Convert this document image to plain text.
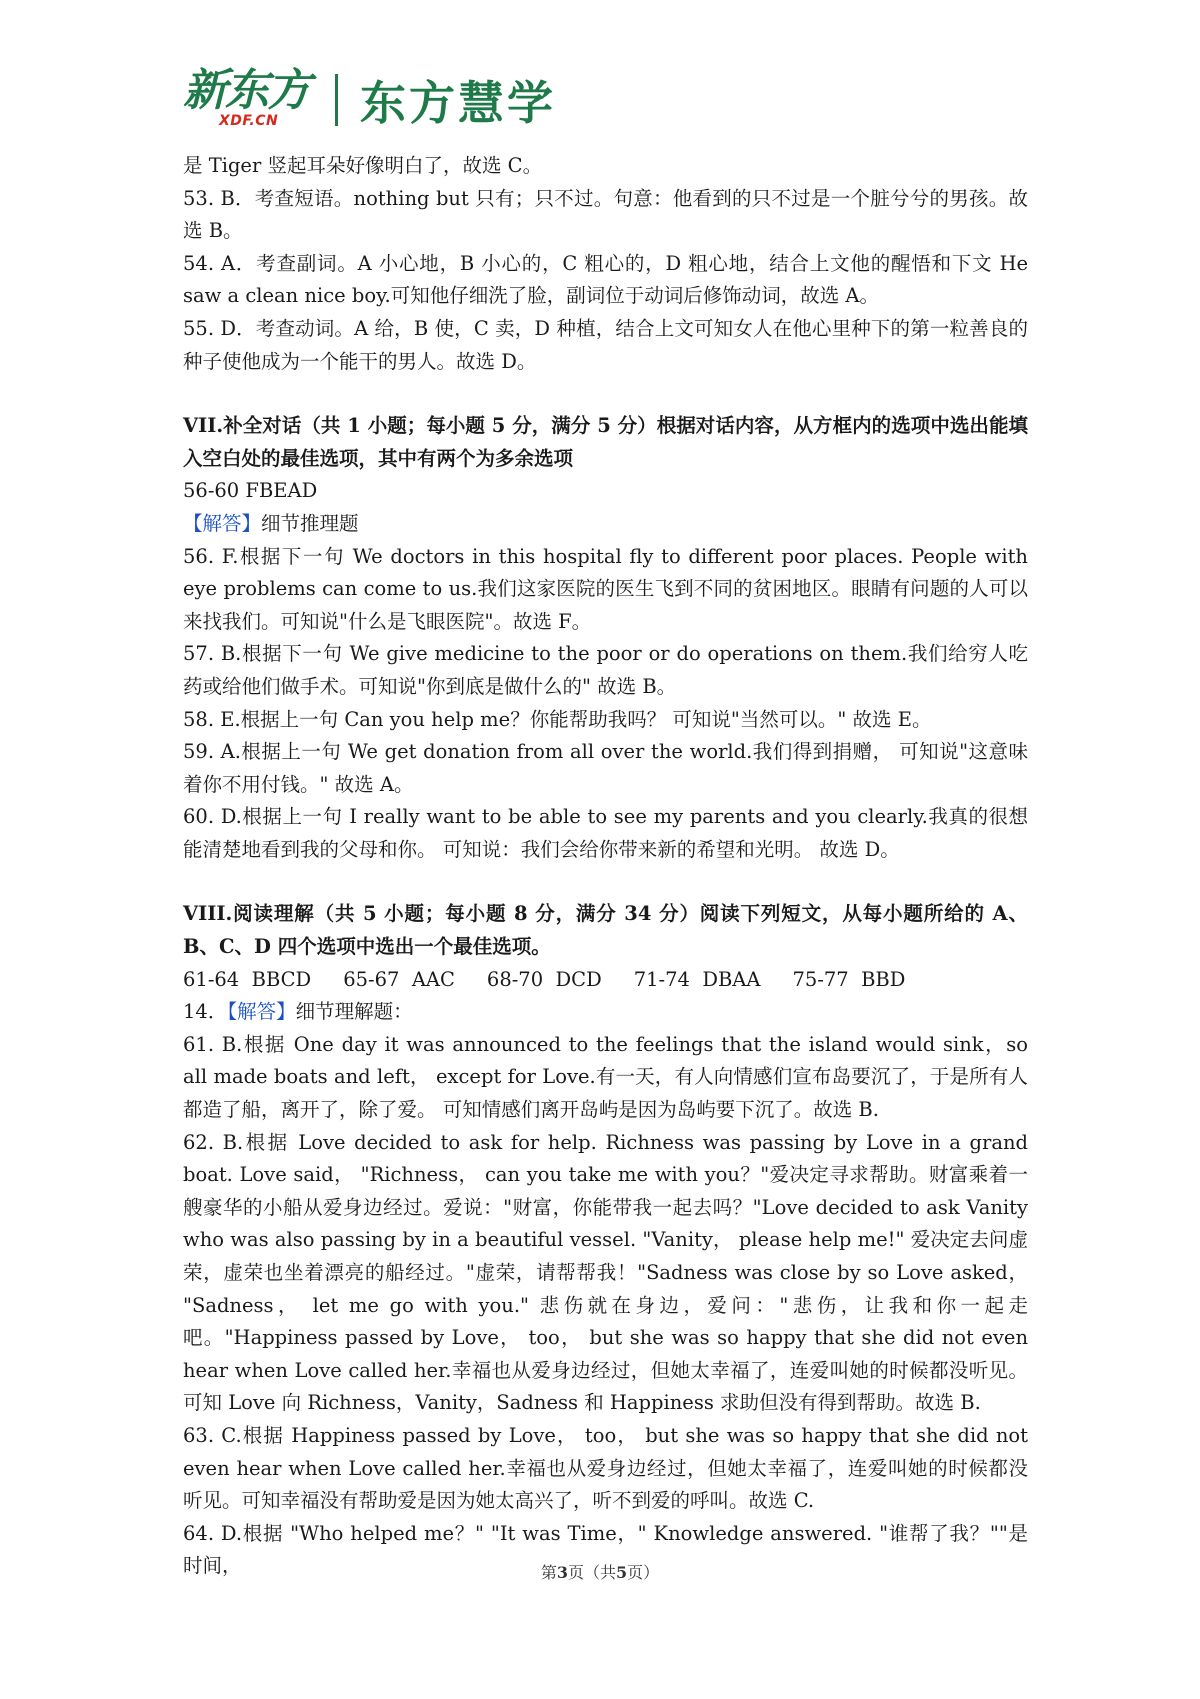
新东方
XDF.CN 东方慧学

是 Tiger 竖起耳朵好像明白了，故选 C。

53. B．考查短语。nothing but 只有；只不过。句意：他看到的只不过是一个脏兮兮的男孩。故选 B。

54. A．考查副词。A 小心地，B 小心的，C 粗心的，D 粗心地，结合上文他的醒悟和下文 He saw a clean nice boy.可知他仔细洗了脸，副词位于动词后修饰动词，故选 A。

55. D．考查动词。A 给，B 使，C 卖，D 种植，结合上文可知女人在他心里种下的第一粒善良的种子使他成为一个能干的男人。故选 D。

VII.补全对话（共 1 小题；每小题 5 分，满分 5 分）根据对话内容，从方框内的选项中选出能填入空白处的最佳选项，其中有两个为多余选项

56-60 FBEAD

【解答】细节推理题

56. F.根据下一句 We doctors in this hospital fly to different poor places. People with eye problems can come to us.我们这家医院的医生飞到不同的贫困地区。眼睛有问题的人可以来找我们。可知说"什么是飞眼医院"。故选 F。

57. B.根据下一句 We give medicine to the poor or do operations on them.我们给穷人吃药或给他们做手术。可知说"你到底是做什么的" 故选 B。

58. E.根据上一句 Can you help me？你能帮助我吗？ 可知说"当然可以。" 故选 E。

59. A.根据上一句 We get donation from all over the world.我们得到捐赠， 可知说"这意味着你不用付钱。" 故选 A。

60. D.根据上一句 I really want to be able to see my parents and you clearly.我真的很想能清楚地看到我的父母和你。 可知说：我们会给你带来新的希望和光明。 故选 D。

VIII.阅读理解（共 5 小题；每小题 8 分，满分 34 分）阅读下列短文，从每小题所给的 A、B、C、D 四个选项中选出一个最佳选项。

61-64  BBCD 65-67  AAC 68-70  DCD 71-74  DBAA 75-77  BBD

14．【解答】细节理解题：

61. B.根据 One day it was announced to the feelings that the island would sink，so all made boats and left， except for Love.有一天，有人向情感们宣布岛要沉了，于是所有人都造了船，离开了，除了爱。 可知情感们离开岛屿是因为岛屿要下沉了。故选 B.

62. B.根据 Love decided to ask for help. Richness was passing by Love in a grand boat. Love said， "Richness， can you take me with you？"爱决定寻求帮助。财富乘着一艘豪华的小船从爱身边经过。爱说："财富，你能带我一起去吗？"Love decided to ask Vanity who was also passing by in a beautiful vessel. "Vanity， please help me!" 爱决定去问虚荣，虚荣也坐着漂亮的船经过。"虚荣，请帮帮我！"Sadness was close by so Love asked， "Sadness， let me go with you." 悲伤就在身边，爱问："悲伤，让我和你一起走吧。"Happiness passed by Love， too， but she was so happy that she did not even hear when Love called her.幸福也从爱身边经过，但她太幸福了，连爱叫她的时候都没听见。可知 Love 向 Richness，Vanity，Sadness 和 Happiness 求助但没有得到帮助。故选 B.

63. C.根据 Happiness passed by Love， too， but she was so happy that she did not even hear when Love called her.幸福也从爱身边经过，但她太幸福了，连爱叫她的时候都没听见。可知幸福没有帮助爱是因为她太高兴了，听不到爱的呼叫。故选 C.

64. D.根据 "Who helped me？" "It was Time，" Knowledge answered. "谁帮了我？""是时间，	第3页（共5页）
